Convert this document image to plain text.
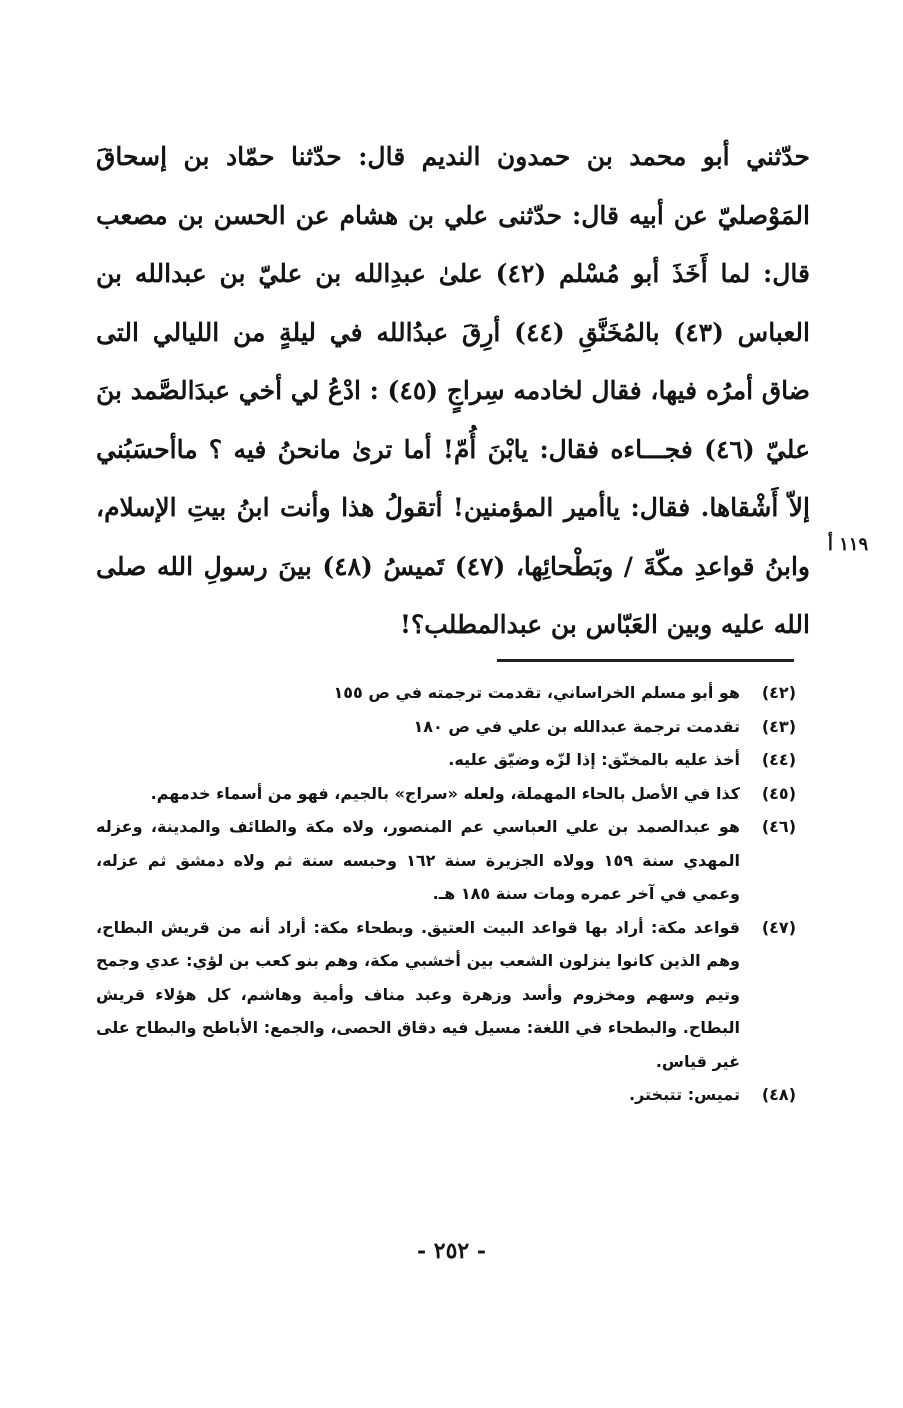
حدّثني أبو محمد بن حمدون النديم قال: حدّثنا حمّاد بن إسحاقَ المَوْصليّ عن أبيه قال: حدّثنى علي بن هشام عن الحسن بن مصعب قال: لما أَخَذَ أبو مُسْلم (٤٢) علىٰ عبدِالله بن عليّ بن عبدالله بن العباس (٤٣) بالمُخَنَّقِ (٤٤) أرِقَ عبدُالله في ليلةٍ من الليالي التى ضاق أمرُه فيها، فقال لخادمه سِراجٍ (٤٥) : ادْعُ لي أخي عبدَالصَّمد بنَ عليّ (٤٦) فجـــاءه فقال: يابْنَ أُمّ! أما ترىٰ مانحنُ فيه ؟ ماأحسَبُني إلاّ أَشْقاها. فقال: ياأمير المؤمنين! أتقولُ هذا وأنت ابنُ بيتِ الإسلام، وابنُ قواعدِ مكّةَ / وبَطْحائِها، (٤٧) تَميسُ (٤٨) بينَ رسولِ الله صلى الله عليه وبين العَبّاس بن عبدالمطلب؟!

١١٩ أ
(٤٢)
هو أبو مسلم الخراساني، تقدمت ترجمته في ص ١٥٥
(٤٣)
تقدمت ترجمة عبدالله بن علي في ص ١٨٠
(٤٤)
أخذ عليه بالمخنّق: إذا لزّه وضيّق عليه.
(٤٥)
كذا في الأصل بالحاء المهملة، ولعله «سراج» بالجيم، فهو من أسماء خدمهم.
(٤٦)
هو عبدالصمد بن علي العباسي عم المنصور، ولاه مكة والطائف والمدينة، وعزله المهدي سنة ١٥٩ وولاه الجزيرة سنة ١٦٢ وحبسه سنة ثم ولاه دمشق ثم عزله، وعمي في آخر عمره ومات سنة ١٨٥ هـ.
(٤٧)
قواعد مكة: أراد بها قواعد البيت العتيق. وبطحاء مكة: أراد أنه من قريش البطاح، وهم الذين كانوا ينزلون الشعب بين أخشبي مكة، وهم بنو كعب بن لؤي: عدي وجمح وتيم وسهم ومخزوم وأسد وزهرة وعبد مناف وأمية وهاشم، كل هؤلاء قريش البطاح. والبطحاء في اللغة: مسيل فيه دقاق الحصى، والجمع: الأباطح والبطاح على غير قياس.
(٤٨)
تميس: تتبختر.
- ٢٥٢ -
